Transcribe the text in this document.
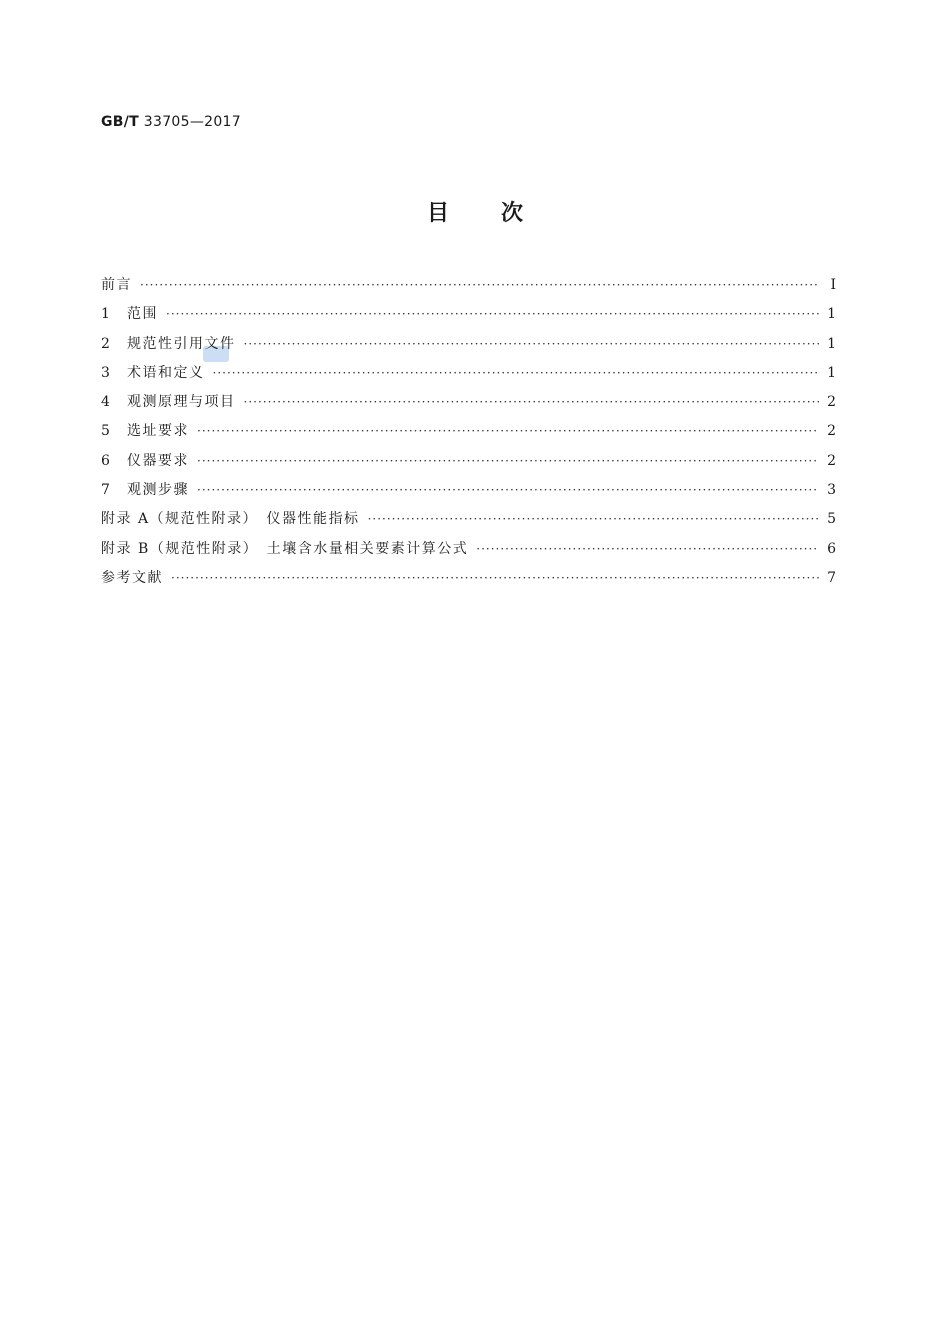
GB/T 33705—2017
目次
前言 ·····	Ⅰ
1	范围 ·····	1
2	规范性引用文件 ·····	1
3	术语和定义 ·····	1
4	观测原理与项目 ·····	2
5	选址要求 ·····	2
6	仪器要求 ·····	2
7	观测步骤 ·····	3
附录 A（规范性附录）　仪器性能指标 ·····	5
附录 B（规范性附录）　土壤含水量相关要素计算公式 ·····	6
参考文献 ·····	7
